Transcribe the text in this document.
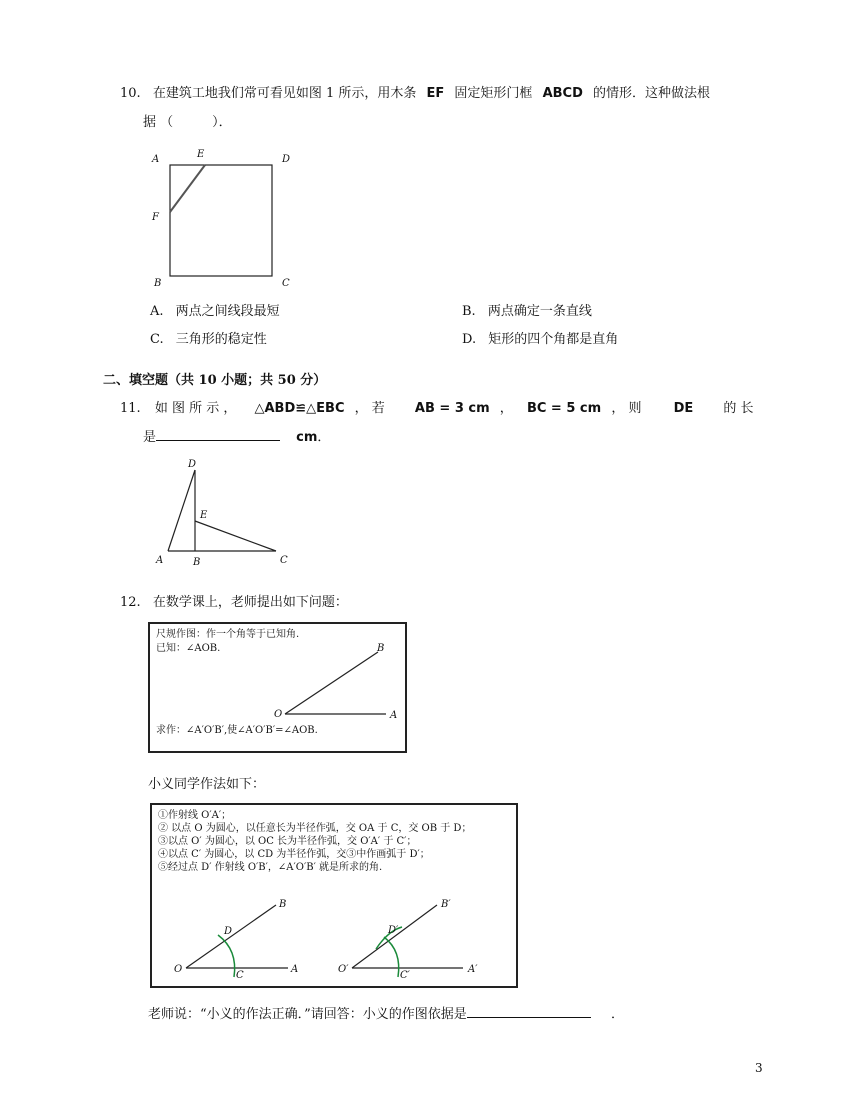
10. 在建筑工地我们常可看见如图 1 所示，用木条 EF 固定矩形门框 ABCD 的情形．这种做法根
据 （　　　）．
A	E	D
F
B	C
A. 两点之间线段最短	B. 两点确定一条直线
C. 三角形的稳定性	D. 矩形的四个角都是直角
二、填空题（共 10 小题；共 50 分）
11. 如 图 所 示 ， △ABD≌△EBC ， 若 AB = 3 cm ， BC = 5 cm ， 则 DE 的 长
是	cm．
D
E
A	B	C
12. 在数学课上，老师提出如下问题：
尺规作图：作一个角等于已知角.
已知：∠AOB.	B
O	A
求作：∠A′O′B′,使∠A′O′B′=∠AOB.
小义同学作法如下：
①作射线 O′A′；
② 以点 O 为圆心，以任意长为半径作弧，交 OA 于 C，交 OB 于 D；
③以点 O′ 为圆心，以 OC 长为半径作弧，交 O′A′ 于 C′；
④以点 C′ 为圆心，以 CD 为半径作弧，交③中作画弧于 D′；
⑤经过点 D′ 作射线 O′B′，∠A′O′B′ 就是所求的角.
B
D
O
C
A
B′
D′
O′
C′
A′
老师说：“小义的作法正确．”请回答：小义的作图依据是	．
3
